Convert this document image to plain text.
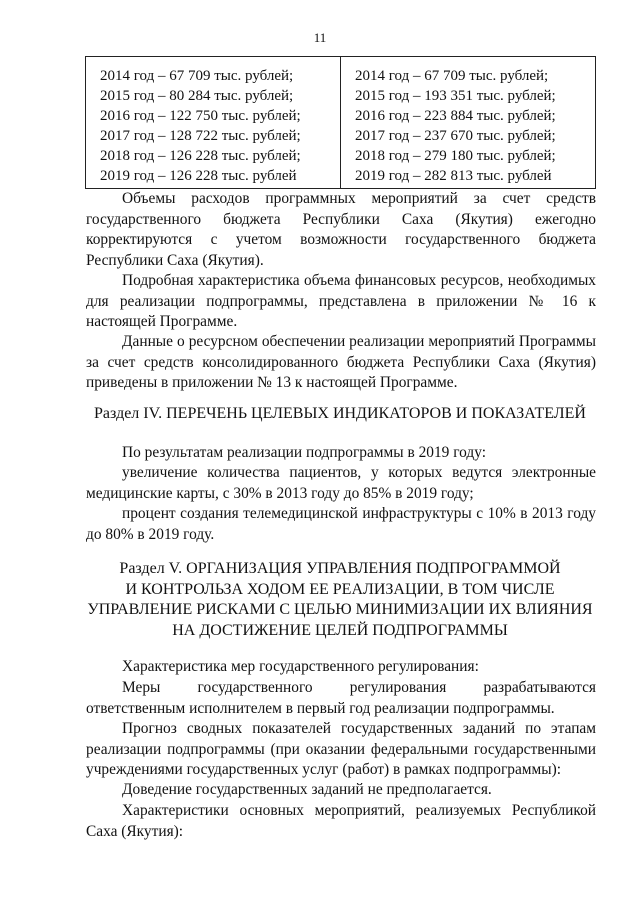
11
2014 год – 67 709 тыс. рублей;
2015 год – 80 284 тыс. рублей;
2016 год – 122 750 тыс. рублей;
2017 год – 128 722 тыс. рублей;
2018 год – 126 228 тыс. рублей;
2019 год – 126 228 тыс. рублей

2014 год – 67 709 тыс. рублей;
2015 год – 193 351 тыс. рублей;
2016 год – 223 884 тыс. рублей;
2017 год – 237 670 тыс. рублей;
2018 год – 279 180 тыс. рублей;
2019 год – 282 813 тыс. рублей
Объемы расходов программных мероприятий за счет средств государственного бюджета Республики Саха (Якутия) ежегодно корректируются с учетом возможности государственного бюджета Республики Саха (Якутия).
Подробная характеристика объема финансовых ресурсов, необходимых для реализации подпрограммы, представлена в приложении № 16 к настоящей Программе.
Данные о ресурсном обеспечении реализации мероприятий Программы за счет средств консолидированного бюджета Республики Саха (Якутия) приведены в приложении № 13 к настоящей Программе.
Раздел IV. ПЕРЕЧЕНЬ ЦЕЛЕВЫХ ИНДИКАТОРОВ И ПОКАЗАТЕЛЕЙ
По результатам реализации подпрограммы в 2019 году:
увеличение количества пациентов, у которых ведутся электронные медицинские карты, с 30% в 2013 году до 85% в 2019 году;
процент создания телемедицинской инфраструктуры с 10% в 2013 году до 80% в 2019 году.
Раздел V. ОРГАНИЗАЦИЯ УПРАВЛЕНИЯ ПОДПРОГРАММОЙ
И КОНТРОЛЬЗА ХОДОМ ЕЕ РЕАЛИЗАЦИИ, В ТОМ ЧИСЛЕ
УПРАВЛЕНИЕ РИСКАМИ С ЦЕЛЬЮ МИНИМИЗАЦИИ ИХ ВЛИЯНИЯ
НА ДОСТИЖЕНИЕ ЦЕЛЕЙ ПОДПРОГРАММЫ
Характеристика мер государственного регулирования:
Меры государственного регулирования разрабатываются ответственным исполнителем в первый год реализации подпрограммы.
Прогноз сводных показателей государственных заданий по этапам реализации подпрограммы (при оказании федеральными государственными учреждениями государственных услуг (работ) в рамках подпрограммы):
Доведение государственных заданий не предполагается.
Характеристики основных мероприятий, реализуемых Республикой Саха (Якутия):
